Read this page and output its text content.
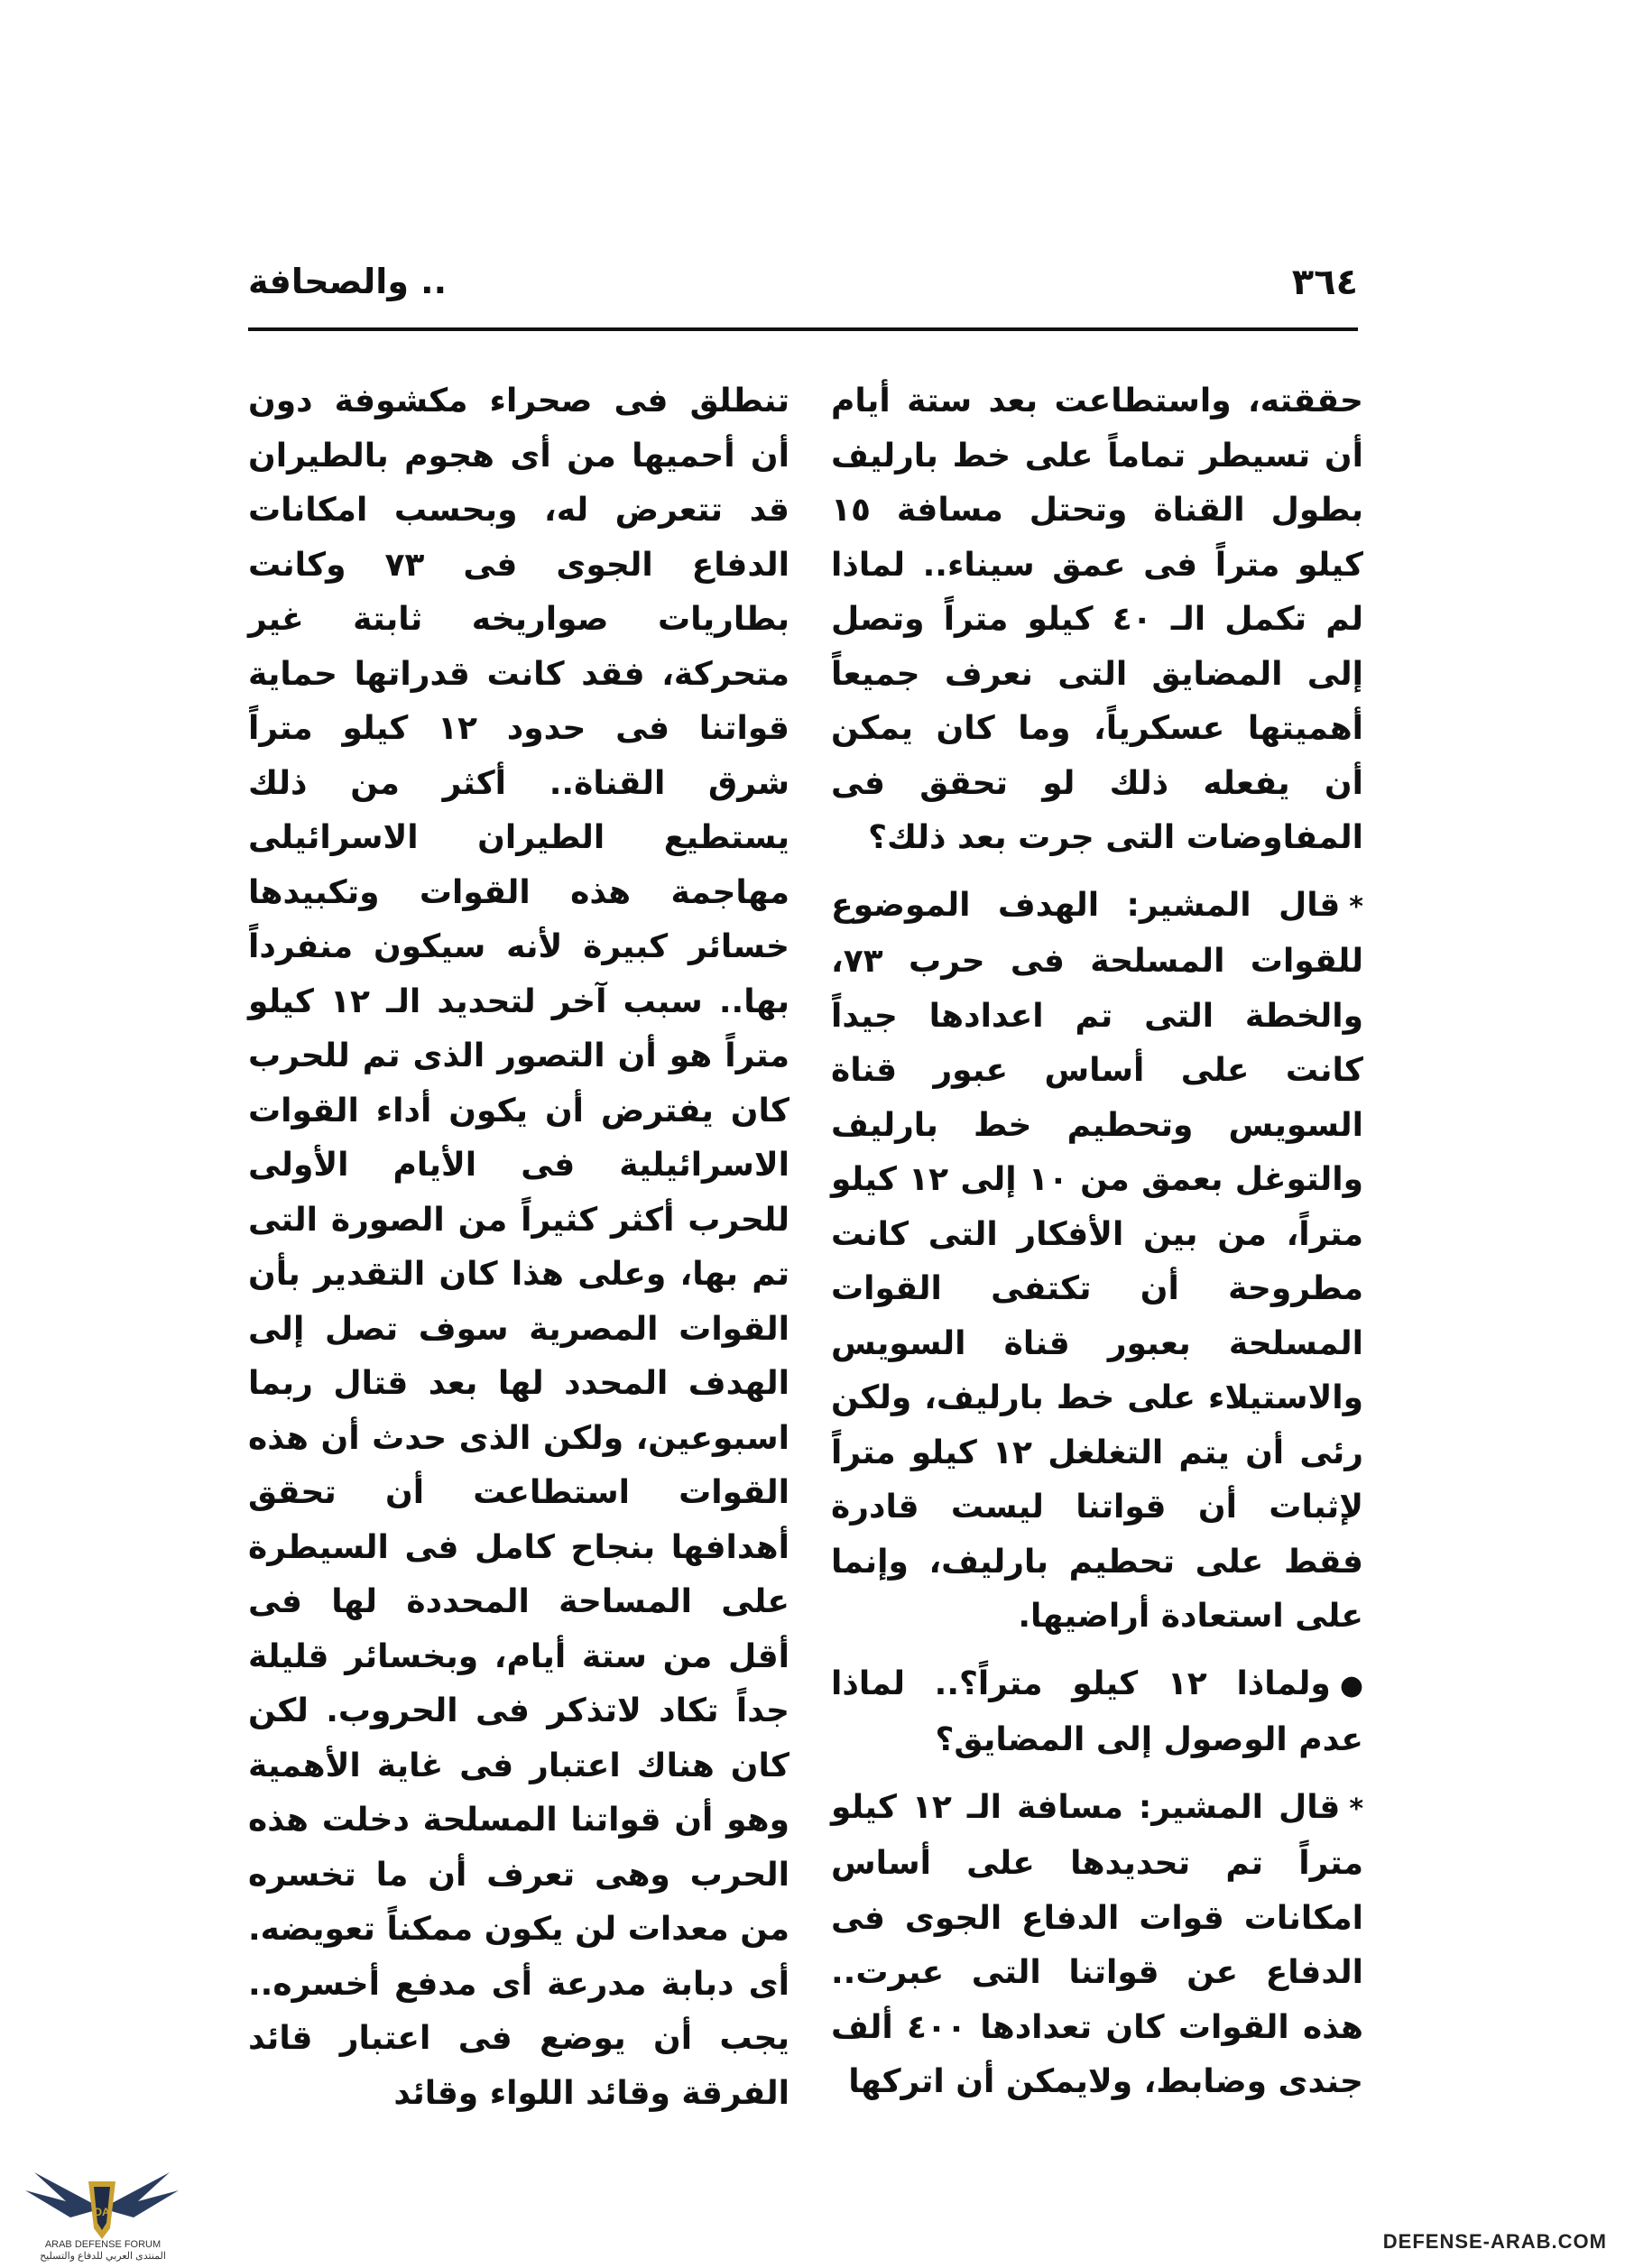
٣٦٤
.. والصحافة

حققته، واستطاعت بعد ستة أيام أن تسيطر تماماً على خط بارليف بطول القناة وتحتل مسافة ١٥ كيلو متراً فى عمق سيناء.. لماذا لم تكمل الـ ٤٠ كيلو متراً وتصل إلى المضايق التى نعرف جميعاً أهميتها عسكرياً، وما كان يمكن أن يفعله ذلك لو تحقق فى المفاوضات التى جرت بعد ذلك؟

*قال المشير: الهدف الموضوع للقوات المسلحة فى حرب ٧٣، والخطة التى تم اعدادها جيداً كانت على أساس عبور قناة السويس وتحطيم خط بارليف والتوغل بعمق من ١٠ إلى ١٢ كيلو متراً، من بين الأفكار التى كانت مطروحة أن تكتفى القوات المسلحة بعبور قناة السويس والاستيلاء على خط بارليف، ولكن رئى أن يتم التغلغل ١٢ كيلو متراً لإثبات أن قواتنا ليست قادرة فقط على تحطيم بارليف، وإنما على استعادة أراضيها.

●ولماذا ١٢ كيلو متراً؟.. لماذا عدم الوصول إلى المضايق؟

*قال المشير: مسافة الـ ١٢ كيلو متراً تم تحديدها على أساس امكانات قوات الدفاع الجوى فى الدفاع عن قواتنا التى عبرت.. هذه القوات كان تعدادها ٤٠٠ ألف جندى وضابط، ولايمكن أن اتركها

تنطلق فى صحراء مكشوفة دون أن أحميها من أى هجوم بالطيران قد تتعرض له، وبحسب امكانات الدفاع الجوى فى ٧٣ وكانت بطاريات صواريخه ثابتة غير متحركة، فقد كانت قدراتها حماية قواتنا فى حدود ١٢ كيلو متراً شرق القناة.. أكثر من ذلك يستطيع الطيران الاسرائيلى مهاجمة هذه القوات وتكبيدها خسائر كبيرة لأنه سيكون منفرداً بها.. سبب آخر لتحديد الـ ١٢ كيلو متراً هو أن التصور الذى تم للحرب كان يفترض أن يكون أداء القوات الاسرائيلية فى الأيام الأولى للحرب أكثر كثيراً من الصورة التى تم بها، وعلى هذا كان التقدير بأن القوات المصرية سوف تصل إلى الهدف المحدد لها بعد قتال ربما اسبوعين، ولكن الذى حدث أن هذه القوات استطاعت أن تحقق أهدافها بنجاح كامل فى السيطرة على المساحة المحددة لها فى أقل من ستة أيام، وبخسائر قليلة جداً تكاد لاتذكر فى الحروب. لكن كان هناك اعتبار فى غاية الأهمية وهو أن قواتنا المسلحة دخلت هذه الحرب وهى تعرف أن ما تخسره من معدات لن يكون ممكناً تعويضه. أى دبابة مدرعة أى مدفع أخسره.. يجب أن يوضع فى اعتبار قائد الفرقة وقائد اللواء وقائد

DA
ARAB DEFENSE FORUM
المنتدى العربي للدفاع والتسليح
DEFENSE-ARAB.COM
